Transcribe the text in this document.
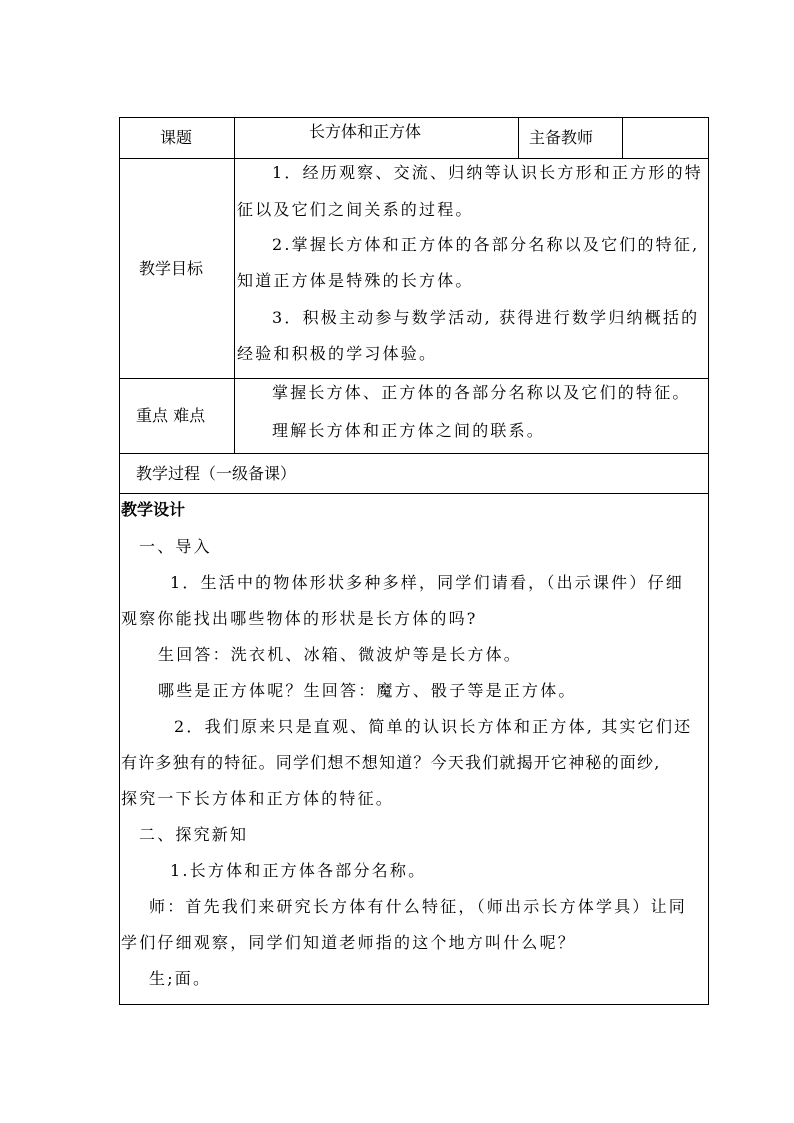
课题	长方体和正方体	主备教师
教学目标
1．经历观察、交流、归纳等认识长方形和正方形的特
征以及它们之间关系的过程。
2.掌握长方体和正方体的各部分名称以及它们的特征,
知道正方体是特殊的长方体。
3．积极主动参与数学活动, 获得进行数学归纳概括的
经验和积极的学习体验。
重点 难点
掌握长方体、正方体的各部分名称以及它们的特征。
理解长方体和正方体之间的联系。
教学过程（一级备课）
教学设计
一、导入
1．生活中的物体形状多种多样，同学们请看，（出示课件）仔细
观察你能找出哪些物体的形状是长方体的吗?
生回答：洗衣机、冰箱、微波炉等是长方体。
哪些是正方体呢？生回答：魔方、骰子等是正方体。
2．我们原来只是直观、简单的认识长方体和正方体, 其实它们还
有许多独有的特征。同学们想不想知道？今天我们就揭开它神秘的面纱,
探究一下长方体和正方体的特征。
二、探究新知
1.长方体和正方体各部分名称。
师：首先我们来研究长方体有什么特征，（师出示长方体学具）让同
学们仔细观察，同学们知道老师指的这个地方叫什么呢？
生;面。
